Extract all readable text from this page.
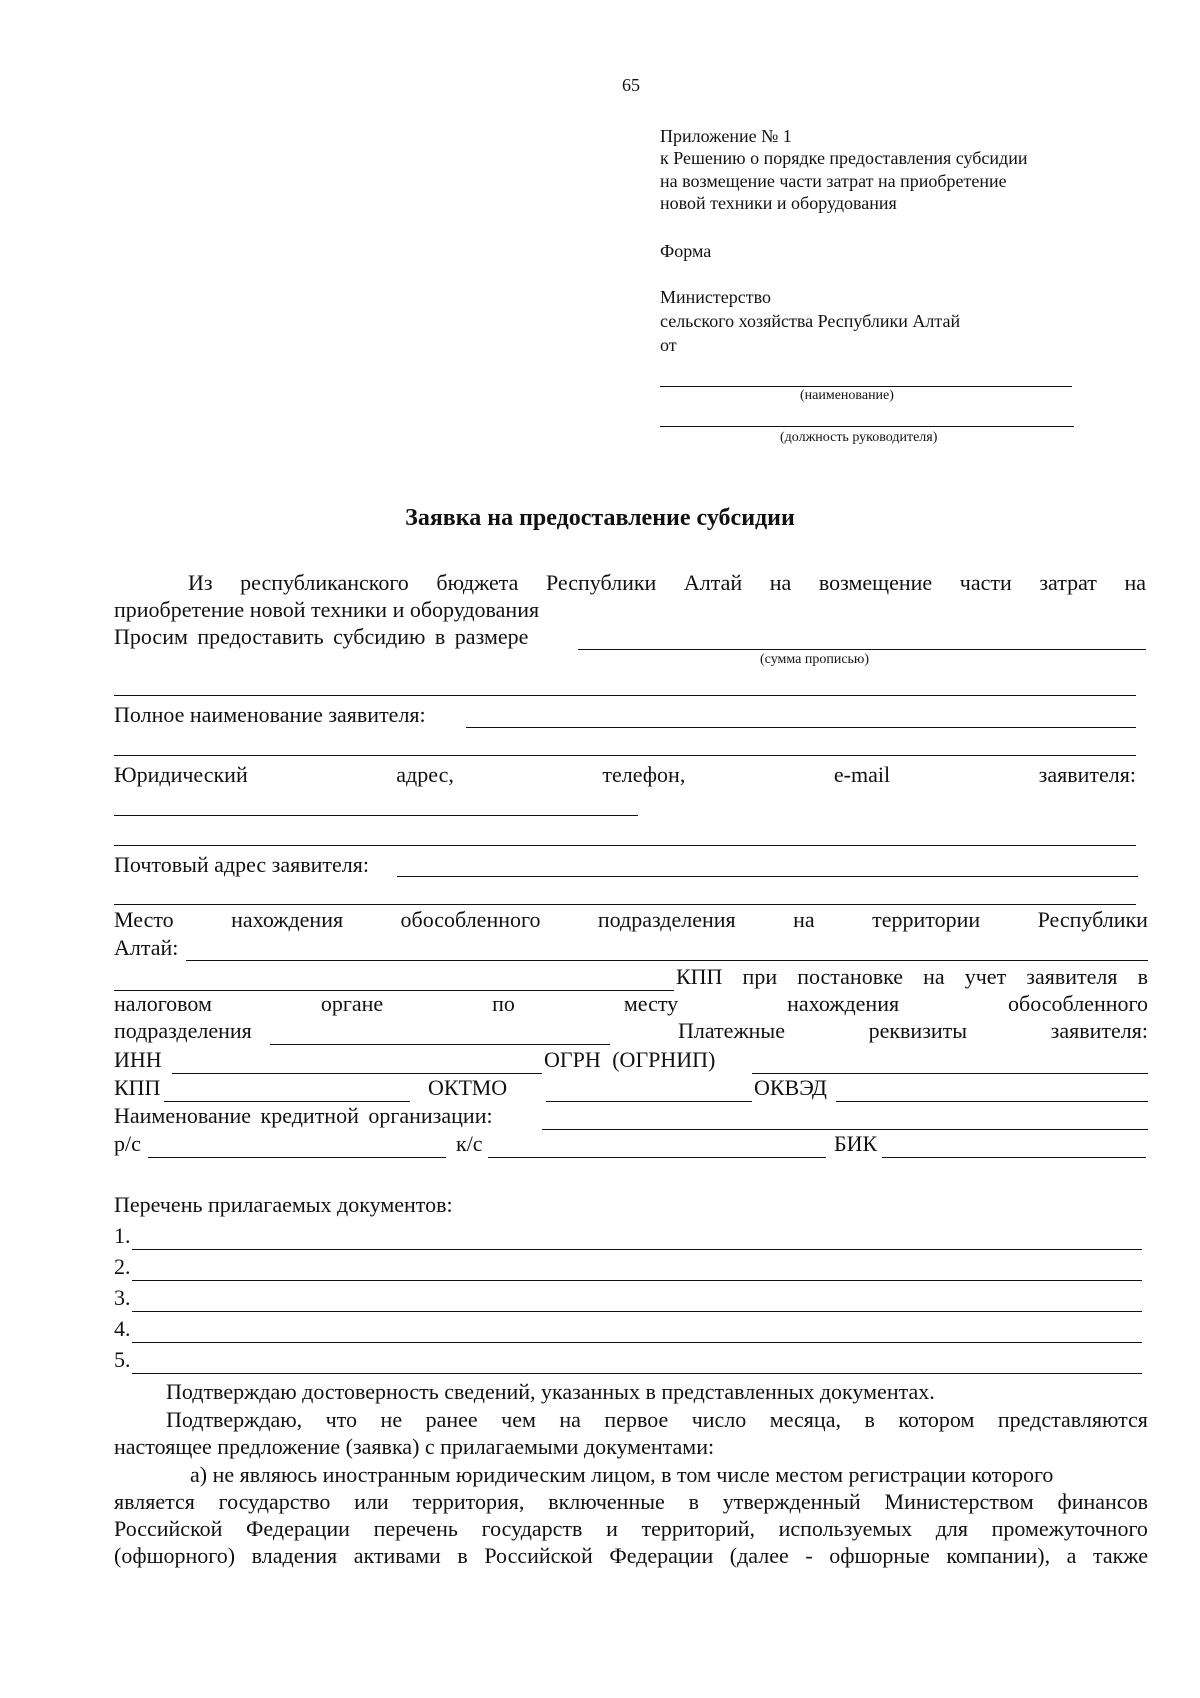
65
Приложение № 1
к Решению о порядке предоставления субсидии
на возмещение части затрат на приобретение
новой техники и оборудования
Форма
Министерство
сельского хозяйства Республики Алтай
от
(наименование)
(должность руководителя)
Заявка на предоставление субсидии
Из республиканского бюджета Республики Алтай на возмещение части затрат на
приобретение новой техники и оборудования
Просим предоставить субсидию в размере
(сумма прописью)
Полное наименование заявителя:
Юридический	адрес,	телефон,	e-mail	заявителя:
Почтовый адрес заявителя:
Место	нахождения	обособленного	подразделения	на	территории	Республики
Алтай:
КПП при постановке на учет заявителя в
налоговом	органе	по	месту	нахождения	обособленного
подразделения	Платежные	реквизиты	заявителя:
ИНН	ОГРН (ОГРНИП)
КПП	ОКТМО	ОКВЭД
Наименование кредитной организации:
р/с	к/с	БИК
Перечень прилагаемых документов:
1.
2.
3.
4.
5.
Подтверждаю достоверность сведений, указанных в представленных документах.
Подтверждаю, что не ранее чем на первое число месяца, в котором представляются
настоящее предложение (заявка) с прилагаемыми документами:
а) не являюсь иностранным юридическим лицом, в том числе местом регистрации которого
является государство или территория, включенные в утвержденный Министерством финансов
Российской Федерации перечень государств и территорий, используемых для промежуточного
(офшорного) владения активами в Российской Федерации (далее - офшорные компании), а также
